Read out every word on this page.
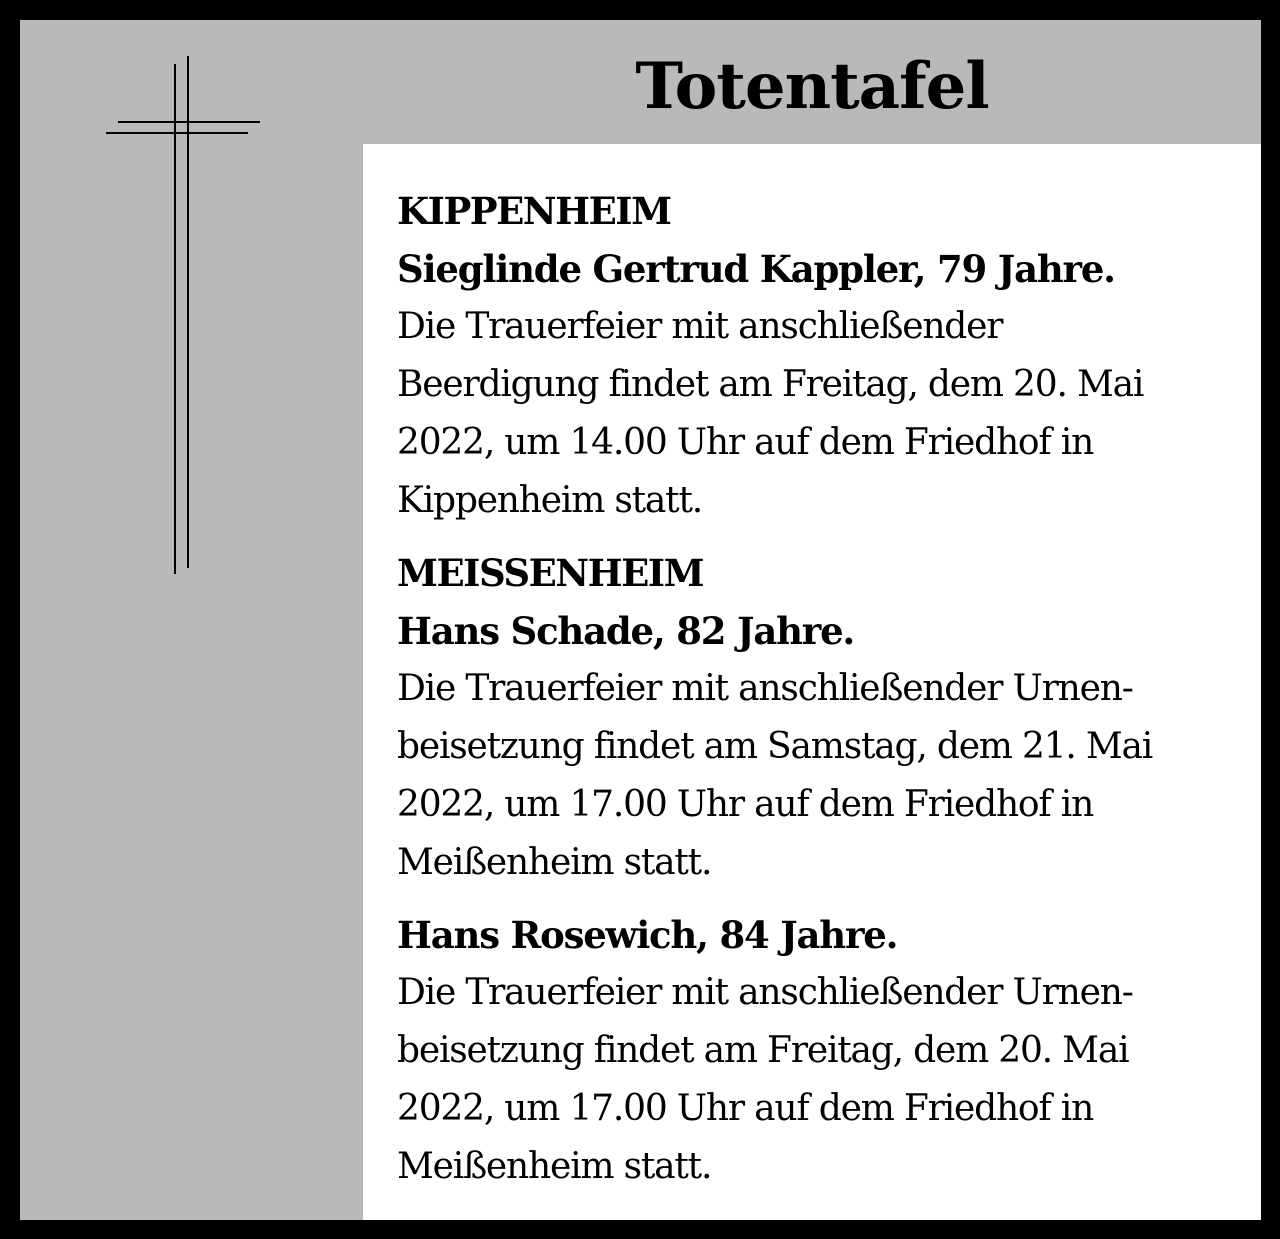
Totentafel

KIPPENHEIM

Sieglinde Gertrud Kappler, 79 Jahre.

Die Trauerfeier mit anschließender

Beerdigung findet am Freitag, dem 20. Mai

2022, um 14.00 Uhr auf dem Friedhof in

Kippenheim statt.

MEISSENHEIM

Hans Schade, 82 Jahre.

Die Trauerfeier mit anschließender Urnen-

beisetzung findet am Samstag, dem 21. Mai

2022, um 17.00 Uhr auf dem Friedhof in

Meißenheim statt.

Hans Rosewich, 84 Jahre.

Die Trauerfeier mit anschließender Urnen-

beisetzung findet am Freitag, dem 20. Mai

2022, um 17.00 Uhr auf dem Friedhof in

Meißenheim statt.
